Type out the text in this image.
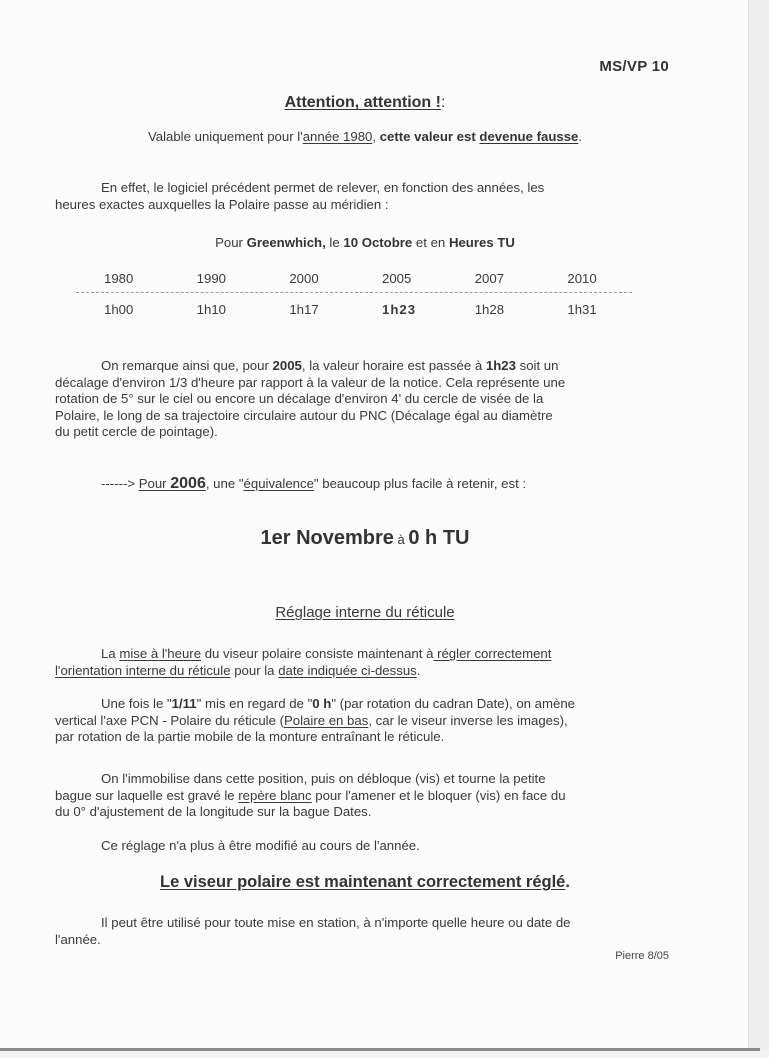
MS/VP 10
Attention, attention !:
Valable uniquement pour l'année 1980, cette valeur est devenue fausse.
En effet, le logiciel précédent permet de relever, en fonction des années, les
heures exactes auxquelles la Polaire passe au méridien :
Pour Greenwhich, le 10 Octobre et en Heures TU
1980	1990	2000	2005	2007	2010
1h00	1h10	1h17	1h23	1h28	1h31
On remarque ainsi que, pour 2005, la valeur horaire est passée à 1h23 soit un
décalage d'environ 1/3 d'heure par rapport à la valeur de la notice. Cela représente une
rotation de 5° sur le ciel ou encore un décalage d'environ 4' du cercle de visée de la
Polaire, le long de sa trajectoire circulaire autour du PNC (Décalage égal au diamètre
du petit cercle de pointage).
------> Pour 2006, une "équivalence" beaucoup plus facile à retenir, est :
1er Novembre à 0 h TU
Réglage interne du réticule
La mise à l'heure du viseur polaire consiste maintenant à régler correctement
l'orientation interne du réticule pour la date indiquée ci-dessus.
Une fois le "1/11" mis en regard de "0 h" (par rotation du cadran Date), on amène
vertical l'axe PCN - Polaire du réticule (Polaire en bas, car le viseur inverse les images),
par rotation de la partie mobile de la monture entraînant le réticule.
On l'immobilise dans cette position, puis on débloque (vis) et tourne la petite
bague sur laquelle est gravé le repère blanc pour l'amener et le bloquer (vis) en face du
du 0° d'ajustement de la longitude sur la bague Dates.
Ce réglage n'a plus à être modifié au cours de l'année.
Le viseur polaire est maintenant correctement réglé.
Il peut être utilisé pour toute mise en station, à n'importe quelle heure ou date de
l'année.
Pierre 8/05
